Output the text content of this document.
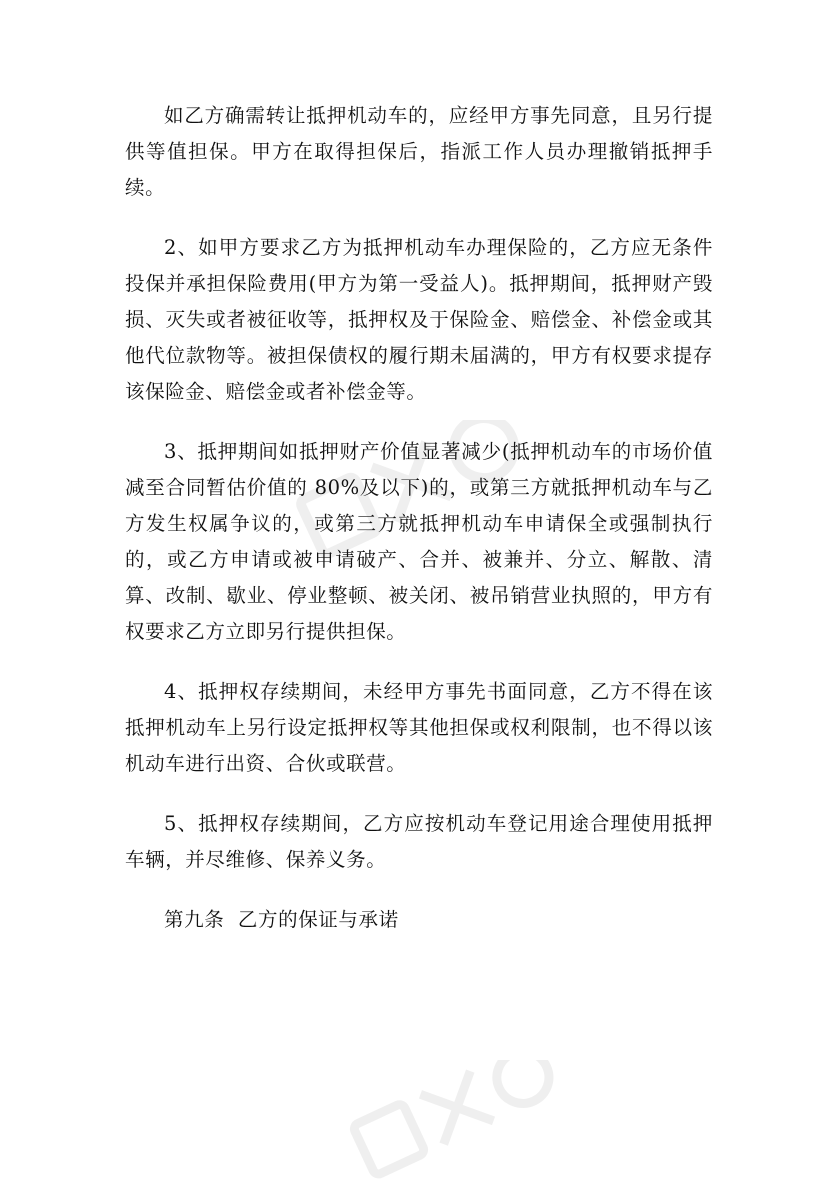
如乙方确需转让抵押机动车的，应经甲方事先同意，且另行提供等值担保。甲方在取得担保后，指派工作人员办理撤销抵押手续。

2、如甲方要求乙方为抵押机动车办理保险的，乙方应无条件投保并承担保险费用(甲方为第一受益人)。抵押期间，抵押财产毁损、灭失或者被征收等，抵押权及于保险金、赔偿金、补偿金或其他代位款物等。被担保债权的履行期未届满的，甲方有权要求提存该保险金、赔偿金或者补偿金等。

3、抵押期间如抵押财产价值显著减少(抵押机动车的市场价值减至合同暂估价值的 80%及以下)的，或第三方就抵押机动车与乙方发生权属争议的，或第三方就抵押机动车申请保全或强制执行的，或乙方申请或被申请破产、合并、被兼并、分立、解散、清算、改制、歇业、停业整顿、被关闭、被吊销营业执照的，甲方有权要求乙方立即另行提供担保。

4、抵押权存续期间，未经甲方事先书面同意，乙方不得在该抵押机动车上另行设定抵押权等其他担保或权利限制，也不得以该机动车进行出资、合伙或联营。

5、抵押权存续期间，乙方应按机动车登记用途合理使用抵押车辆，并尽维修、保养义务。

第九条  乙方的保证与承诺
